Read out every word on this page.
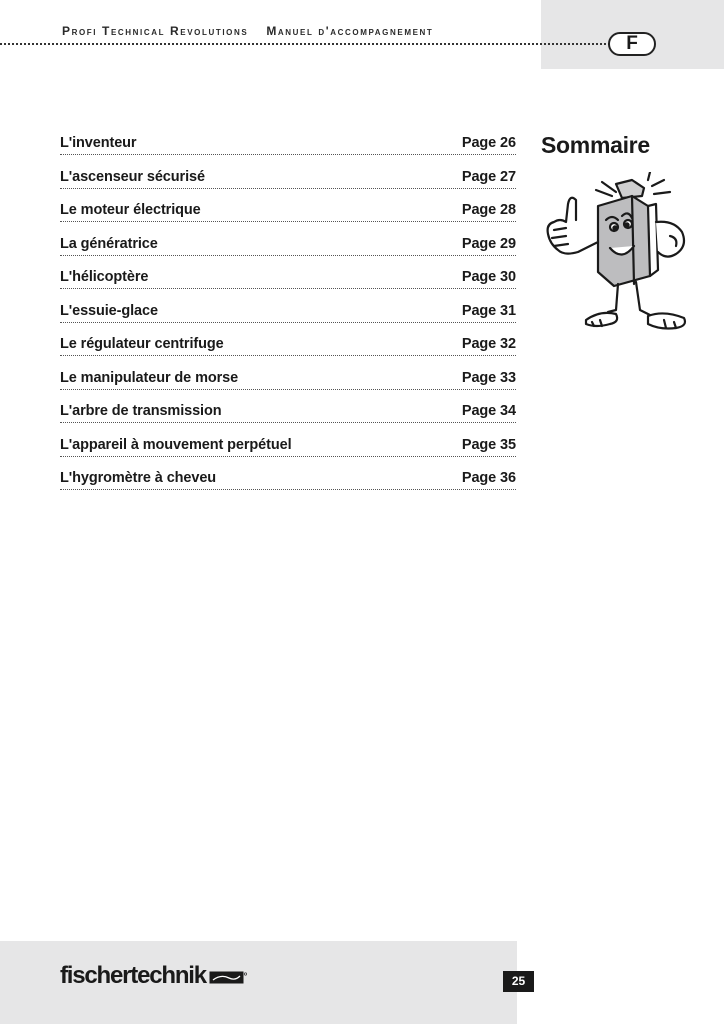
Profi Technical Revolutions Manuel d'accompagnement
F
Sommaire
L'inventeur	Page 26
L'ascenseur sécurisé	Page 27
Le moteur électrique	Page 28
La génératrice	Page 29
L'hélicoptère	Page 30
L'essuie-glace	Page 31
Le régulateur centrifuge	Page 32
Le manipulateur de morse	Page 33
L'arbre de transmission	Page 34
L'appareil à mouvement perpétuel	Page 35
L'hygromètre à cheveu	Page 36
fischertechnik	25
